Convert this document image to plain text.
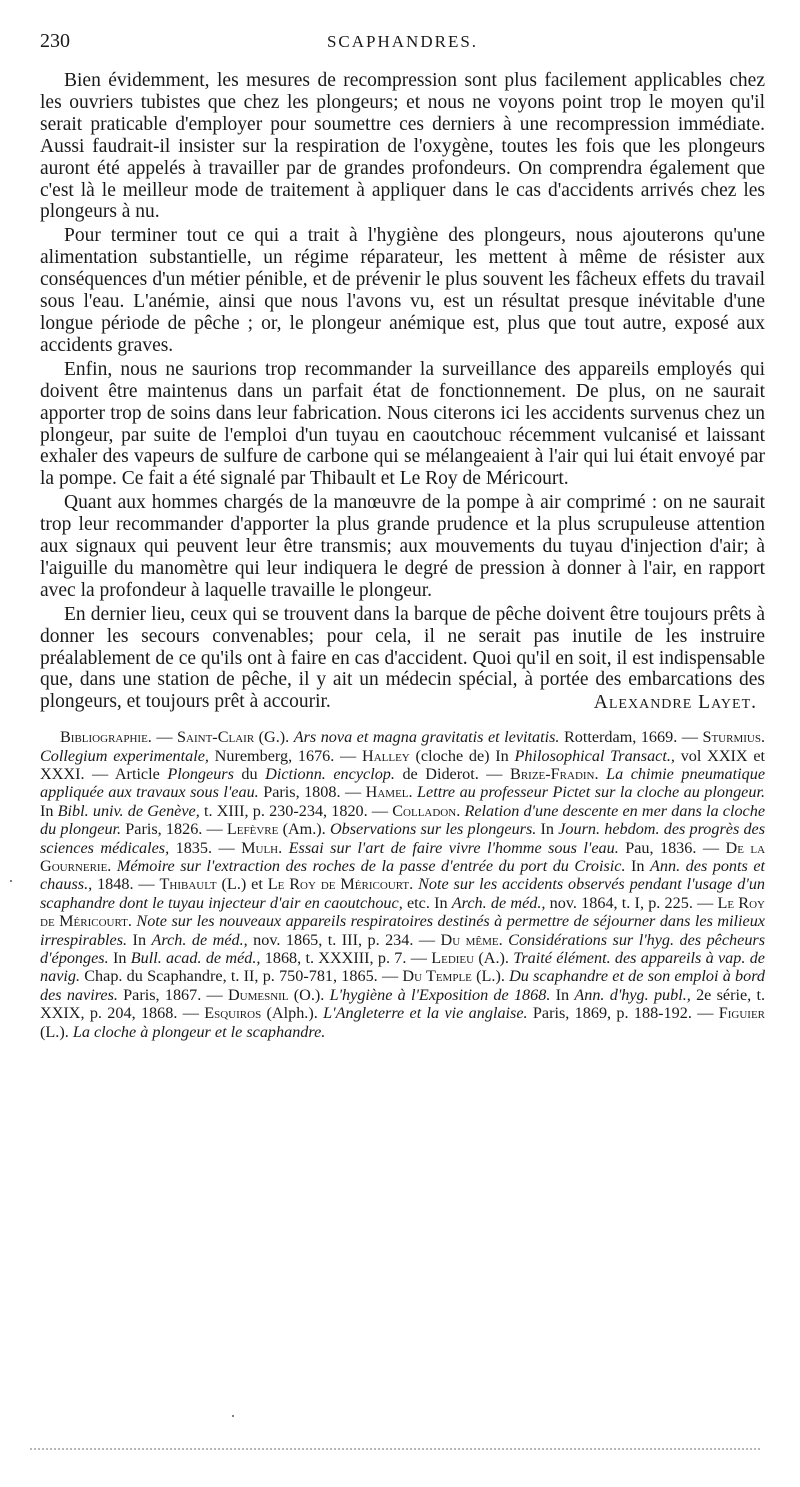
230	SCAPHANDRES.

Bien évidemment, les mesures de recompression sont plus facilement applicables chez les ouvriers tubistes que chez les plongeurs; et nous ne voyons point trop le moyen qu'il serait praticable d'employer pour soumettre ces derniers à une recompression immédiate. Aussi faudrait-il insister sur la respiration de l'oxygène, toutes les fois que les plongeurs auront été appelés à travailler par de grandes profondeurs. On comprendra également que c'est là le meilleur mode de traitement à appliquer dans le cas d'accidents arrivés chez les plongeurs à nu.

Pour terminer tout ce qui a trait à l'hygiène des plongeurs, nous ajouterons qu'une alimentation substantielle, un régime réparateur, les mettent à même de résister aux conséquences d'un métier pénible, et de prévenir le plus souvent les fâcheux effets du travail sous l'eau. L'anémie, ainsi que nous l'avons vu, est un résultat presque inévitable d'une longue période de pêche ; or, le plongeur anémique est, plus que tout autre, exposé aux accidents graves.

Enfin, nous ne saurions trop recommander la surveillance des appareils employés qui doivent être maintenus dans un parfait état de fonctionnement. De plus, on ne saurait apporter trop de soins dans leur fabrication. Nous citerons ici les accidents survenus chez un plongeur, par suite de l'emploi d'un tuyau en caoutchouc récemment vulcanisé et laissant exhaler des vapeurs de sulfure de carbone qui se mélangeaient à l'air qui lui était envoyé par la pompe. Ce fait a été signalé par Thibault et Le Roy de Méricourt.

Quant aux hommes chargés de la manœuvre de la pompe à air comprimé : on ne saurait trop leur recommander d'apporter la plus grande prudence et la plus scrupuleuse attention aux signaux qui peuvent leur être transmis; aux mouvements du tuyau d'injection d'air; à l'aiguille du manomètre qui leur indiquera le degré de pression à donner à l'air, en rapport avec la profondeur à laquelle travaille le plongeur.

En dernier lieu, ceux qui se trouvent dans la barque de pêche doivent être toujours prêts à donner les secours convenables; pour cela, il ne serait pas inutile de les instruire préalablement de ce qu'ils ont à faire en cas d'accident. Quoi qu'il en soit, il est indispensable que, dans une station de pêche, il y ait un médecin spécial, à portée des embarcations des plongeurs, et toujours prêt à accourir.	Alexandre Layet.

Bibliographie. — Saint-Clair (G.). Ars nova et magna gravitatis et levitatis. Rotterdam, 1669. — Sturmius. Collegium experimentale, Nuremberg, 1676. — Halley (cloche de) In Philosophical Transact., vol XXIX et XXXI. — Article Plongeurs du Dictionn. encyclop. de Diderot. — Brize-Fradin. La chimie pneumatique appliquée aux travaux sous l'eau. Paris, 1808. — Hamel. Lettre au professeur Pictet sur la cloche au plongeur. In Bibl. univ. de Genève, t. XIII, p. 230-234, 1820. — Colladon. Relation d'une descente en mer dans la cloche du plongeur. Paris, 1826. — Lefèvre (Am.). Observations sur les plongeurs. In Journ. hebdom. des progrès des sciences médicales, 1835. — Mulh. Essai sur l'art de faire vivre l'homme sous l'eau. Pau, 1836. — De la Gournerie. Mémoire sur l'extraction des roches de la passe d'entrée du port du Croisic. In Ann. des ponts et chauss., 1848. — Thibault (L.) et Le Roy de Méricourt. Note sur les accidents observés pendant l'usage d'un scaphandre dont le tuyau injecteur d'air en caoutchouc, etc. In Arch. de méd., nov. 1864, t. I, p. 225. — Le Roy de Méricourt. Note sur les nouveaux appareils respiratoires destinés à permettre de séjourner dans les milieux irrespirables. In Arch. de méd., nov. 1865, t. III, p. 234. — Du même. Considérations sur l'hyg. des pêcheurs d'éponges. In Bull. acad. de méd., 1868, t. XXXIII, p. 7. — Ledieu (A.). Traité élément. des appareils à vap. de navig. Chap. du Scaphandre, t. II, p. 750-781, 1865. — Du Temple (L.). Du scaphandre et de son emploi à bord des navires. Paris, 1867. — Dumesnil (O.). L'hygiène à l'Exposition de 1868. In Ann. d'hyg. publ., 2e série, t. XXIX, p. 204, 1868. — Esquiros (Alph.). L'Angleterre et la vie anglaise. Paris, 1869, p. 188-192. — Figuier (L.). La cloche à plongeur et le scaphandre.
